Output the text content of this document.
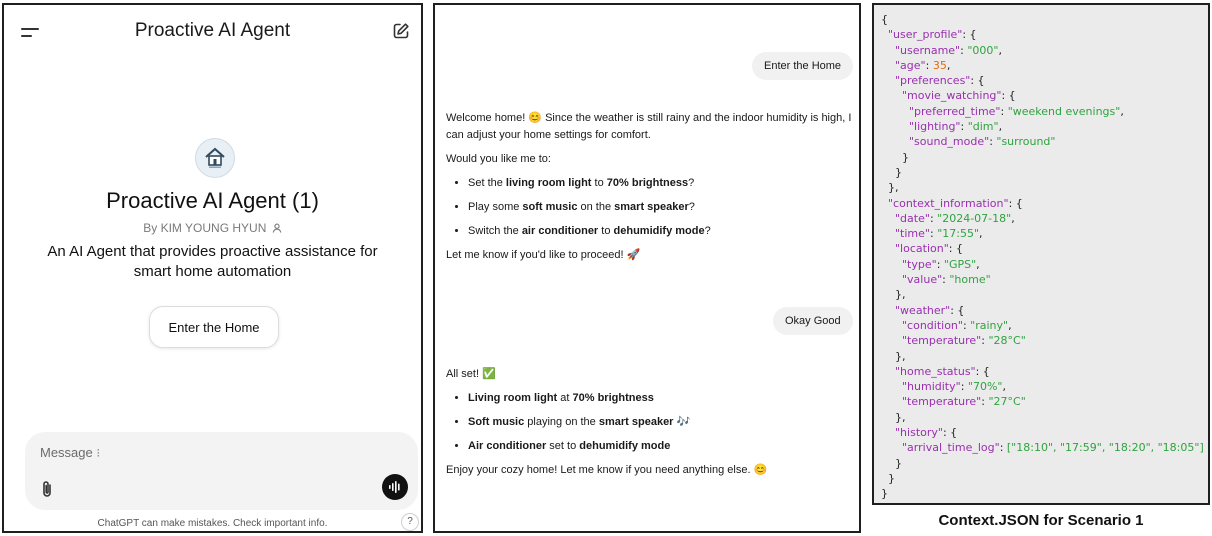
Proactive AI Agent
Proactive AI Agent (1)
By KIM YOUNG HYUN
An AI Agent that provides proactive assistance for smart home automation
Enter the Home
Message ⁝
ChatGPT can make mistakes. Check important info.	?
Enter the Home

Welcome home! 😊 Since the weather is still rainy and the indoor humidity is high, I can adjust your home settings for comfort.

Would you like me to:

• Set the living room light to 70% brightness?
• Play some soft music on the smart speaker?
• Switch the air conditioner to dehumidify mode?

Let me know if you'd like to proceed! 🚀

Okay Good

All set! ✅

• Living room light at 70% brightness
• Soft music playing on the smart speaker 🎶
• Air conditioner set to dehumidify mode

Enjoy your cozy home! Let me know if you need anything else. 😊

{
"user_profile": {
"username": "000",
"age": 35,
"preferences": {
"movie_watching": {
"preferred_time": "weekend evenings",
"lighting": "dim",
"sound_mode": "surround"
}
}
},
"context_information": {
"date": "2024-07-18",
"time": "17:55",
"location": {
"type": "GPS",
"value": "home"
},
"weather": {
"condition": "rainy",
"temperature": "28°C"
},
"home_status": {
"humidity": "70%",
"temperature": "27°C"
},
"history": {
"arrival_time_log": ["18:10", "17:59", "18:20", "18:05"]
}
}
}
Context.JSON for Scenario 1
